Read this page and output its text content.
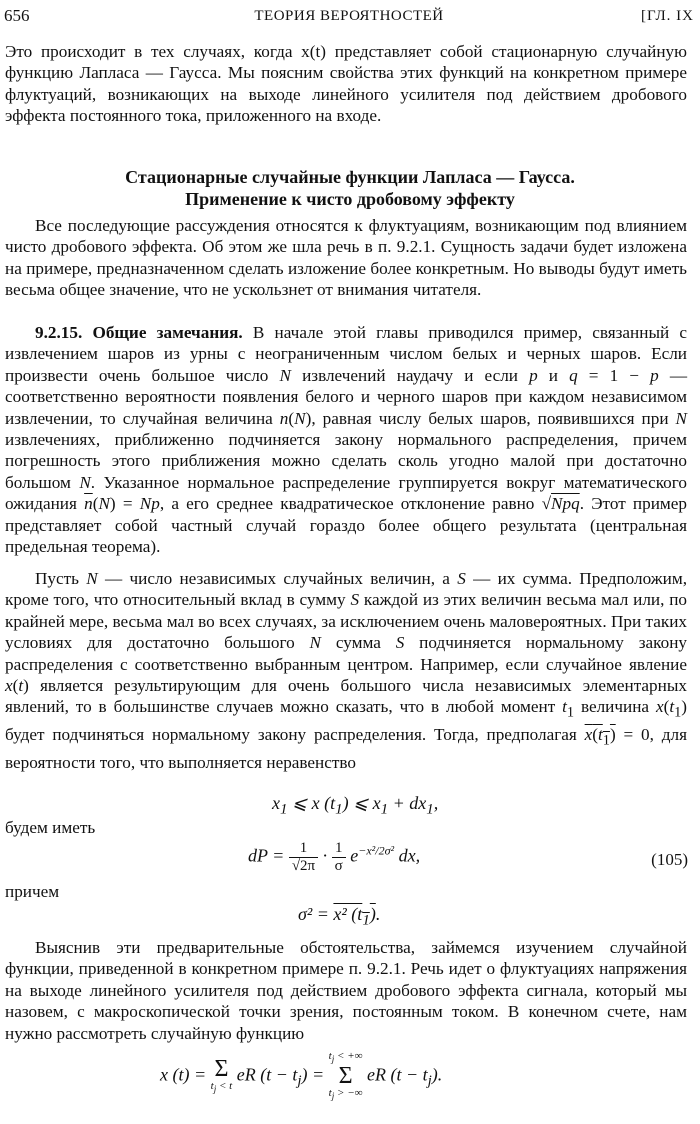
656	ТЕОРИЯ ВЕРОЯТНОСТЕЙ	[ГЛ. IX

Это происходит в тех случаях, когда x(t) представляет собой стационарную случайную функцию Лапласа — Гаусса. Мы поясним свойства этих функций на конкретном примере флуктуаций, возникающих на выходе линейного усилителя под действием дробового эффекта постоянного тока, приложенного на входе.

Стационарные случайные функции Лапласа — Гаусса.
Применение к чисто дробовому эффекту

Все последующие рассуждения относятся к флуктуациям, возникающим под влиянием чисто дробового эффекта. Об этом же шла речь в п. 9.2.1. Сущность задачи будет изложена на примере, предназначенном сделать изложение более конкретным. Но выводы будут иметь весьма общее значение, что не ускользнет от внимания читателя.

9.2.15. Общие замечания. В начале этой главы приводился пример, связанный с извлечением шаров из урны с неограниченным числом белых и черных шаров. Если произвести очень большое число N извлечений наудачу и если p и q = 1 − p — соответственно вероятности появления белого и черного шаров при каждом независимом извлечении, то случайная величина n(N), равная числу белых шаров, появившихся при N извлечениях, приближенно подчиняется закону нормального распределения, причем погрешность этого приближения можно сделать сколь угодно малой при достаточно большом N. Указанное нормальное распределение группируется вокруг математического ожидания $\overline{n}(N) = Np$, а его среднее квадратическое отклонение равно √Npq. Этот пример представляет собой частный случай гораздо более общего результата (центральная предельная теорема).

Пусть N — число независимых случайных величин, а S — их сумма. Предположим, кроме того, что относительный вклад в сумму S каждой из этих величин весьма мал или, по крайней мере, весьма мал во всех случаях, за исключением очень маловероятных. При таких условиях для достаточно большого N сумма S подчиняется нормальному закону распределения с соответственно выбранным центром. Например, если случайное явление x(t) является результирующим для очень большого числа независимых элементарных явлений, то в большинстве случаев можно сказать, что в любой момент $t_1$ величина $x(t_1)$ будет подчиняться нормальному закону распределения. Тогда, предполагая $x(t_1) = 0$, для вероятности того, что выполняется неравенство

$x_1$ ⩽ x $(t_1)$ ⩽ $x_1 + dx_1$,
будем иметь
dP = $\frac{1}{√2\pi} \cdot \frac{1}{\sigma} e^{-x^2/2\sigma^2}$ dx,	(105)
причем
σ² = x² $(t_1)$.

Выяснив эти предварительные обстоятельства, займемся изучением случайной функции, приведенной в конкретном примере п. 9.2.1. Речь идет о флуктуациях напряжения на выходе линейного усилителя под действием дробового эффекта сигнала, который мы назовем, с макроскопической точки зрения, постоянным током. В конечном счете, нам нужно рассмотреть случайную функцию

x (t) = Σ
$t_j < t$
eR $(t - t_j)$ =
$t_j$ < +∞
Σ
$t_j$ > −∞
eR $(t - t_j)$.
